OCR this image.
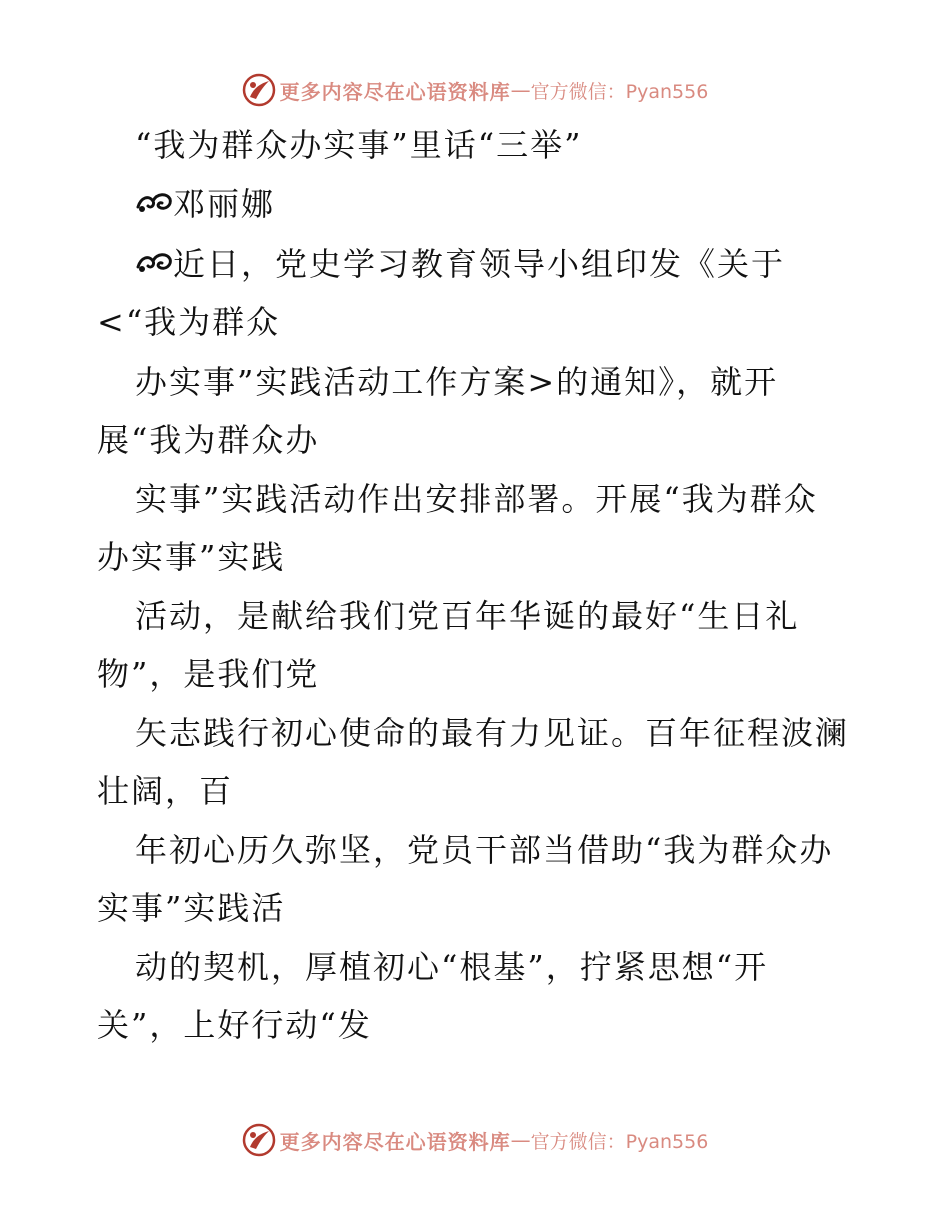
更多内容尽在心语资料库 — 官方微信：Pyan556
“我为群众办实事”里话“三举”
邓丽娜
近日，党史学习教育领导小组印发《关于
<“我为群众
办实事”实践活动工作方案>的通知》，就开
展“我为群众办
实事”实践活动作出安排部署。开展“我为群众
办实事”实践
活动，是献给我们党百年华诞的最好“生日礼
物”，是我们党
矢志践行初心使命的最有力见证。百年征程波澜
壮阔，百
年初心历久弥坚，党员干部当借助“我为群众办
实事”实践活
动的契机，厚植初心“根基”，拧紧思想“开
关”，上好行动“发
更多内容尽在心语资料库 — 官方微信：Pyan556
